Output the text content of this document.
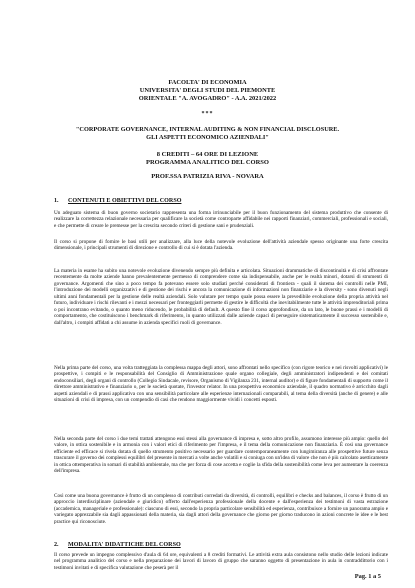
FACOLTA' DI ECONOMIA
UNIVERSITA' DEGLI STUDI DEL PIEMONTE
ORIENTALE "A. AVOGADRO" - A.A. 2021/2022
***
"CORPORATE GOVERNANCE, INTERNAL AUDITING & NON FINANCIAL DISCLOSURE.
GLI ASPETTI ECONOMICO AZIENDALI"
8 CREDITI – 64 ORE DI LEZIONE
PROGRAMMA ANALITICO DEL CORSO
PROF.SSA PATRIZIA RIVA - NOVARA
1. CONTENUTI E OBIETTIVI DEL CORSO

Un adeguato sistema di buon governo societario rappresenta una forma irrinunciabile per il buon funzionamento del sistema produttivo che consente di realizzare la correttezza relazionale necessaria per qualificare la società come controparte affidabile nei rapporti finanziari, commerciali, professionali e sociali, e che permette di creare le premesse per la crescita secondo criteri di gestione sani e prudenziali.

Il corso si propone di fornire le basi utili per analizzare, alla luce della notevole evoluzione dell'attività aziendale spesso originante una forte crescita dimensionale, i principali strumenti di direzione e controllo di cui si è dotata l'azienda.

La materia in esame ha subito una notevole evoluzione divenendo sempre più definita e articolata. Situazioni drammatiche di discontinuità e di crisi affrontate recentemente da molte aziende hanno prevalentemente permesso di comprendere come sia indispensabile, anche per le realtà minori, dotarsi di strumenti di governance. Argomenti che sino a poco tempo fa potevano essere solo studiati perché considerati di frontiera - quali il sistema dei controlli nelle PMI, l'introduzione dei modelli organizzativi e di gestione dei rischi e ancora la comunicazione di informazioni non finanziarie e la diversity - sono divenuti negli ultimi anni fondamentali per la gestione delle realtà aziendali. Solo valutare per tempo quale possa essere la prevedibile evoluzione della propria attività nel futuro, individuare i rischi rilevanti e i mezzi necessari per fronteggiarli permette di gestire le difficoltà che inevitabilmente tutte le attività imprenditoriali prima o poi incontrano evitando, o quanto meno riducendo, le probabilità di default. A questo fine il corso approfondisce, da un lato, le buone prassi e i modelli di comportamento, che costituiscono i benchmark di riferimento, in quanto utilizzati dalle aziende capaci di perseguire sistematicamente il successo sostenibile e, dall'altro, i compiti affidati a chi assume in azienda specifici ruoli di governance.

Nella prima parte del corso, una volta tratteggiata la complessa mappa degli attori, sono affrontati nello specifico (con rigore teorico e nei risvolti applicativi) le prospettive, i compiti e le responsabilità del Consiglio di Amministrazione quale organo collegiale, degli amministratori indipendenti e dei comitati endoconsiliari, degli organi di controllo (Collegio Sindacale, revisore, Organismo di Vigilanza 231, internal auditor) e di figure fondamentali di supporto come il direttore amministrativo e finanziario o, per le società quotate, l'investor relator. In una prospettiva economico aziendale, il quadro normativo è arricchito dagli aspetti aziendali e di prassi applicativa con una sensibilità particolare alle esperienze internazionali comparabili, al tema della diversità (anche di genere) e alle situazioni di crisi di impresa, con un compendio di casi che rendono maggiormente vividi i concetti esposti.

Nella seconda parte del corso i due temi trattati attengono essi stessi alla governance di impresa e, sotto altro profilo, assumono interesse più ampio: quello del valore, in ottica sostenibile e in armonia con i valori etici di riferimento per l'impresa, e il tema della comunicazione non finanziaria. È così una governance efficiente ed efficace si rivela dotata di quello strumento positivo necessario per guardare contemporaneamente con lungimiranza alle prospettive future senza trascurare il governo dei complessi equilibri del presente in mercati a volte anche volatili e si coniuga con un'idea di valore che non è più calcolato asetticamente in ottica ottemperativa in somari di stabilità ambientale, ma che per forza di cose accetta e coglie la sfida della sostenibilità come leva per aumentare la coerenza dell'impresa.

Così come una buona governance è frutto di un complesso di contributi corredati da diversità, di controlli, equilibri e checks and balances, il corso è frutto di un approccio interdisciplinare (aziendale e giuridico) offerto dall'esperienza professionale della docente e dall'esperienza dei testimoni di vasta estrazione (accademica, manageriale e professionale): ciascuno di essi, secondo la propria particolare sensibilità ed esperienza, contribuisce a fornire un panorama ampio e variegato apprezzabile sia dagli appassionati della materia, sia dagli attori della governance che giorno per giorno traducono in azioni concrete le idee e le best practice qui riconosciute.

2. MODALITA' DIDATTICHE DEL CORSO

Il corso prevede un impegno complessivo d'aula di 64 ore, equivalenti a 8 crediti formativi. Le attività extra aula consistono nello studio delle lezioni indicate nel programma analitico del corso e nella preparazione dei lavori di lavoro di gruppo che saranno oggetto di presentazione in aula in contraddittorio con i testimoni invitati e di specifica valutazione che peserà per il

Pag. 1 a 5
